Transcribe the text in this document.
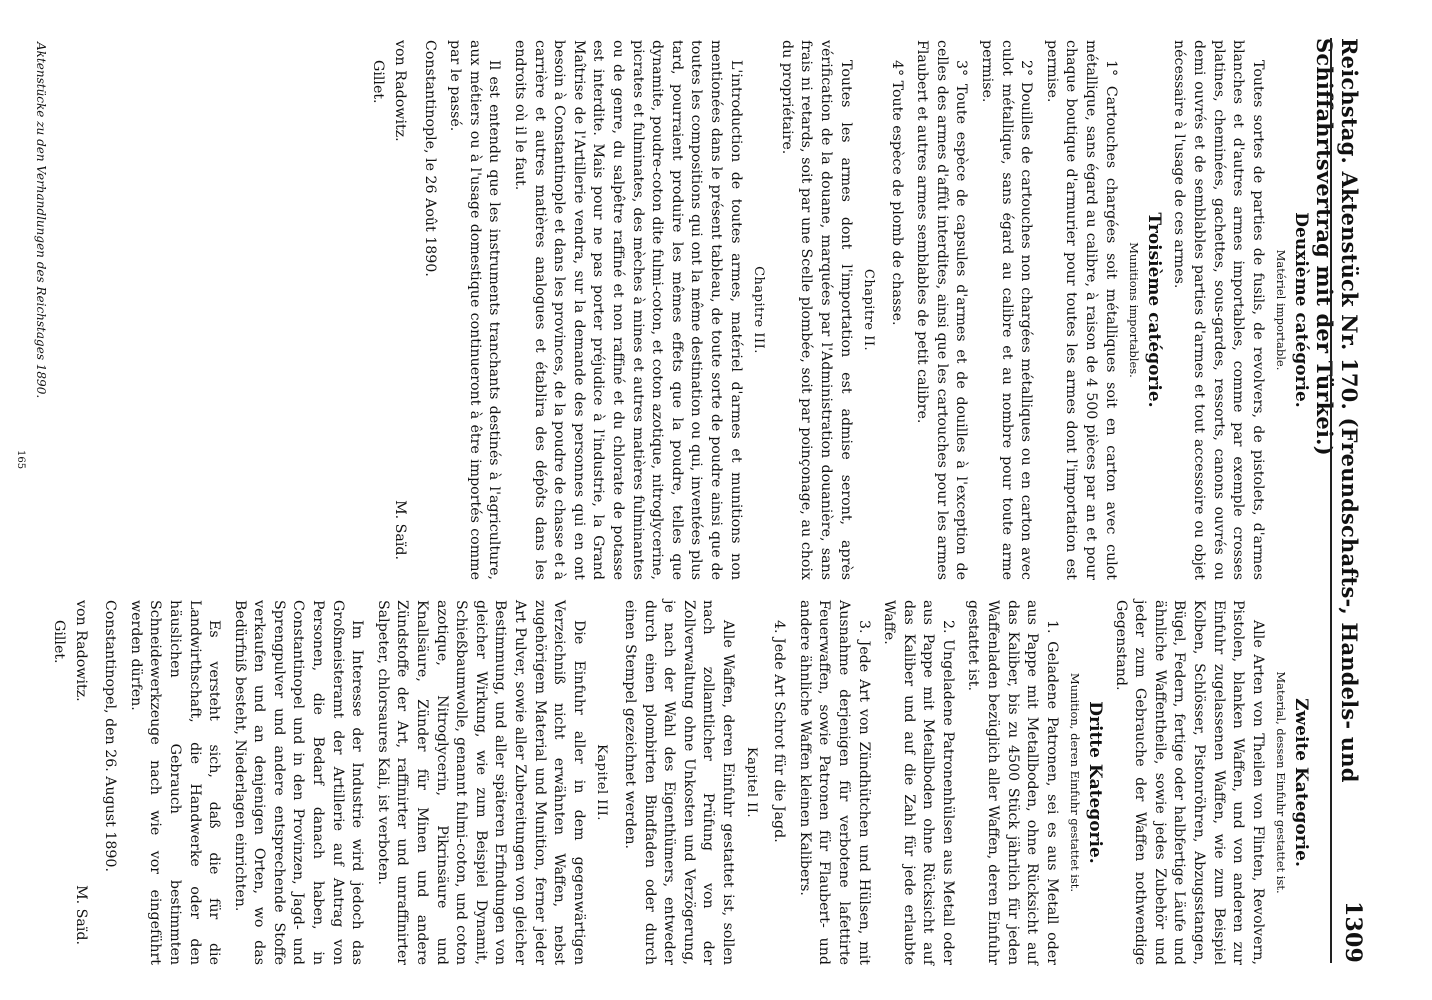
Reichstag. Aktenstück Nr. 170. (Freundschafts-, Handels- und Schiffahrtsvertrag mit der Türkei.)
1309
Deuxième catégorie.
Matériel importable.

Toutes sortes de parties de fusils, de revolvers, de pistolets, d'armes blanches et d'autres armes importables, comme par exemple crosses platines, cheminées, gachettes, sous-gardes, ressorts, canons ouvrés ou demi ouvrés et de semblables parties d'armes et tout accessoire ou objet nécessaire à l'usage de ces armes.

Troisième catégorie.
Munitions importables.

1° Cartouches chargées soit métalliques soit en carton avec culot métallique, sans égard au calibre, à raison de 4 500 pièces par an et pour chaque boutique d'armurier pour toutes les armes dont l'importation est permise.

2° Douilles de cartouches non chargées métalliques ou en carton avec culot métallique, sans égard au calibre et au nombre pour toute arme permise.

3° Toute espèce de capsules d'armes et de douilles à l'exception de celles des armes d'affût interdites, ainsi que les cartouches pour les armes Flaubert et autres armes semblables de petit calibre.

4° Toute espèce de plomb de chasse.

Chapitre II.

Toutes les armes dont l'importation est admise seront, après vérification de la douane, marquées par l'Administration douanière, sans frais ni retards, soit par une Scelle plombée, soit par poinçonage, au choix du propriétaire.

Chapitre III.

L'introduction de toutes armes, matériel d'armes et munitions non mentionées dans le présent tableau, de toute sorte de poudre ainsi que de toutes les compositions qui ont la même destination ou qui, inventées plus tard, pourraient produire les mêmes effets que la poudre, telles que dynamite, poudre-coton dite fulmi-coton, et coton azotique, nitroglycerine, picrates et fulminates, des mèches à mines et autres matières fulminantes ou de genre, du salpêtre raffiné et non raffiné et du chlorate de potasse est interdite. Mais pour ne pas porter préjudice à l'industrie, la Grand Maîtrise de l'Artillerie vendra, sur la demande des personnes qui en ont besoin à Constantinople et dans les provinces, de la poudre de chasse et à carrière et autres matières analogues et établira des dépôts dans les endroits où il le faut.

Il est entendu que les instruments tranchants destinés à l'agriculture, aux métiers ou à l'usage domestique continueront à être importés comme par le passé.

Constantinople, le 26 Août 1890.
von Radowitz.
M. Saïd.
Gillet.
Zweite Kategorie.
Material, dessen Einfuhr gestattet ist.

Alle Arten von Theilen von Flinten, Revolvern, Pistolen, blanken Waffen, und von anderen zur Einfuhr zugelassenen Waffen, wie zum Beispiel Kolben, Schlösser, Pistonröhren, Abzugsstangen, Bügel, Federn, fertige oder halbfertige Läufe und ähnliche Waffentheile, sowie jedes Zubehör und jeder zum Gebrauche der Waffen nothwendige Gegenstand.

Dritte Kategorie.
Munition, deren Einfuhr gestattet ist.

1. Geladene Patronen, sei es aus Metall oder aus Pappe mit Metallboden, ohne Rücksicht auf das Kaliber, bis zu 4500 Stück jährlich für jeden Waffenladen bezüglich aller Waffen, deren Einfuhr gestattet ist.

2. Ungeladene Patronenhülsen aus Metall oder aus Pappe mit Metallboden ohne Rücksicht auf das Kaliber und auf die Zahl für jede erlaubte Waffe.

3. Jede Art von Zündhütchen und Hülsen, mit Ausnahme derjenigen für verbotene lafettirte Feuerwaffen, sowie Patronen für Flaubert- und andere ähnliche Waffen kleinen Kalibers.

4. Jede Art Schrot für die Jagd.

Kapitel II.

Alle Waffen, deren Einfuhr gestattet ist, sollen nach zollamtlicher Prüfung von der Zollverwaltung ohne Unkosten und Verzögerung, je nach der Wahl des Eigenthümers, entweder durch einen plombirten Bindfaden oder durch einen Stempel gezeichnet werden.

Kapitel III.

Die Einfuhr aller in dem gegenwärtigen Verzeichniß nicht erwähnten Waffen, nebst zugehörigem Material und Munition, ferner jeder Art Pulver, sowie aller Zubereitungen von gleicher Bestimmung, und aller späteren Erfindungen von gleicher Wirkung, wie zum Beispiel Dynamit, Schießbaumwolle, genannt fulmi-coton, und coton azotique, Nitroglycerin, Pikrinsäure und Knallsäure, Zünder für Minen und andere Zündstoffe der Art, raffinirter und unraffinirter Salpeter, chlorsaures Kali, ist verboten.

Im Interesse der Industrie wird jedoch das Großmeisteramt der Artillerie auf Antrag von Personen, die Bedarf danach haben, in Constantinopel und in den Provinzen, Jagd- und Sprengpulver und andere entsprechende Stoffe verkaufen und an denjenigen Orten, wo das Bedürfniß besteht, Niederlagen einrichten.

Es versteht sich, daß die für die Landwirthschaft, die Handwerke oder den häuslichen Gebrauch bestimmten Schneidewerkzeuge nach wie vor eingeführt werden dürfen.

Constantinopel, den 26. August 1890.
von Radowitz.
M. Saïd.
Gillet.
Aktenstücke zu den Verhandlungen des Reichstages 1890.
165
